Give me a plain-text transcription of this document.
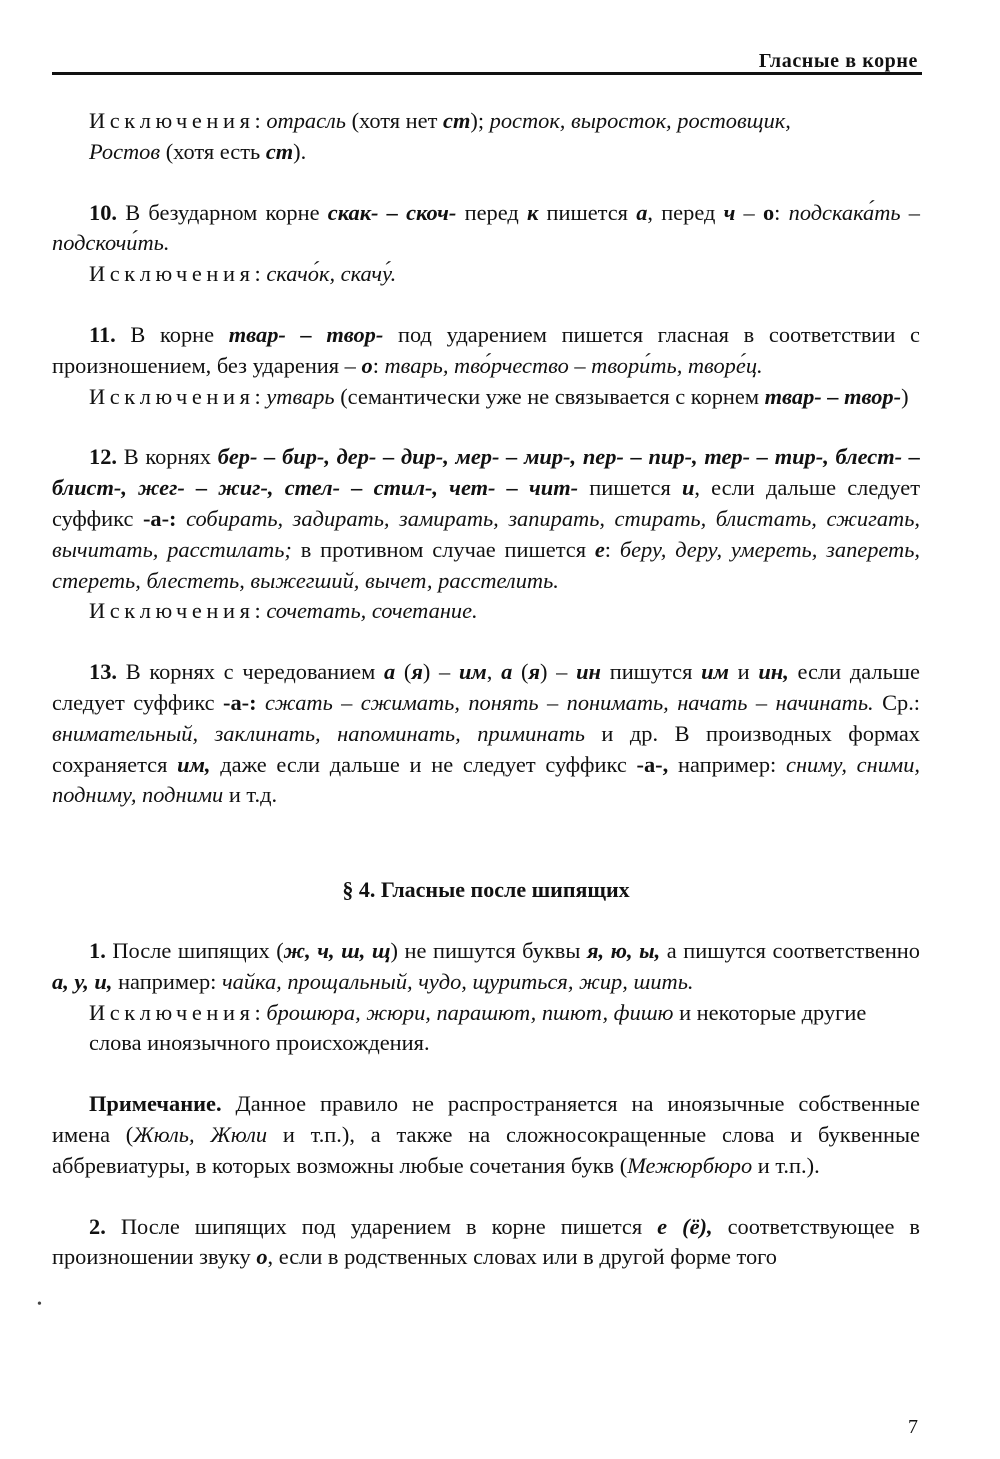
Гласные в корне

Исключения: отрасль (хотя нет ст); росток, выросток, ростовщик,
Ростов (хотя есть ст).

10. В безударном корне скак- – скоч- перед к пишется а, перед ч – о: подскака́ть – подскочи́ть.

Исключения: скачо́к, скачу́.

11. В корне твар- – твор- под ударением пишется гласная в соответствии с произношением, без ударения – о: тварь, тво́рчество – твори́ть, творе́ц.

Исключения: утварь (семантически уже не связывается с корнем твар- – твор-)

12. В корнях бер- – бир-, дер- – дир-, мер- – мир-, пер- – пир-, тер- – тир-, блест- – блист-, жег- – жиг-, стел- – стил-, чет- – чит- пишется и, если дальше следует суффикс -а-: собирать, задирать, замирать, запирать, стирать, блистать, сжигать, вычитать, расстилать; в противном случае пишется е: беру, деру, умереть, запереть, стереть, блестеть, выжегший, вычет, расстелить.

Исключения: сочетать, сочетание.

13. В корнях с чередованием а (я) – им, а (я) – ин пишутся им и ин, если дальше следует суффикс -а-: сжать – сжимать, понять – понимать, начать – начинать. Ср.: внимательный, заклинать, напоминать, приминать и др. В производных формах сохраняется им, даже если дальше и не следует суффикс -а-, например: сниму, сними, подниму, подними и т.д.

§ 4. Гласные после шипящих

1. После шипящих (ж, ч, ш, щ) не пишутся буквы я, ю, ы, а пишутся соответственно а, у, и, например: чайка, прощальный, чудо, щуриться, жир, шить.

Исключения: брошюра, жюри, парашют, пшют, фишю и некоторые другие слова иноязычного происхождения.

Примечание. Данное правило не распространяется на иноязычные собственные имена (Жюль, Жюли и т.п.), а также на сложносокращенные слова и буквенные аббревиатуры, в которых возможны любые сочетания букв (Межюрбюро и т.п.).

2. После шипящих под ударением в корне пишется е (ё), соответствующее в произношении звуку о, если в родственных словах или в другой форме того

•
7
